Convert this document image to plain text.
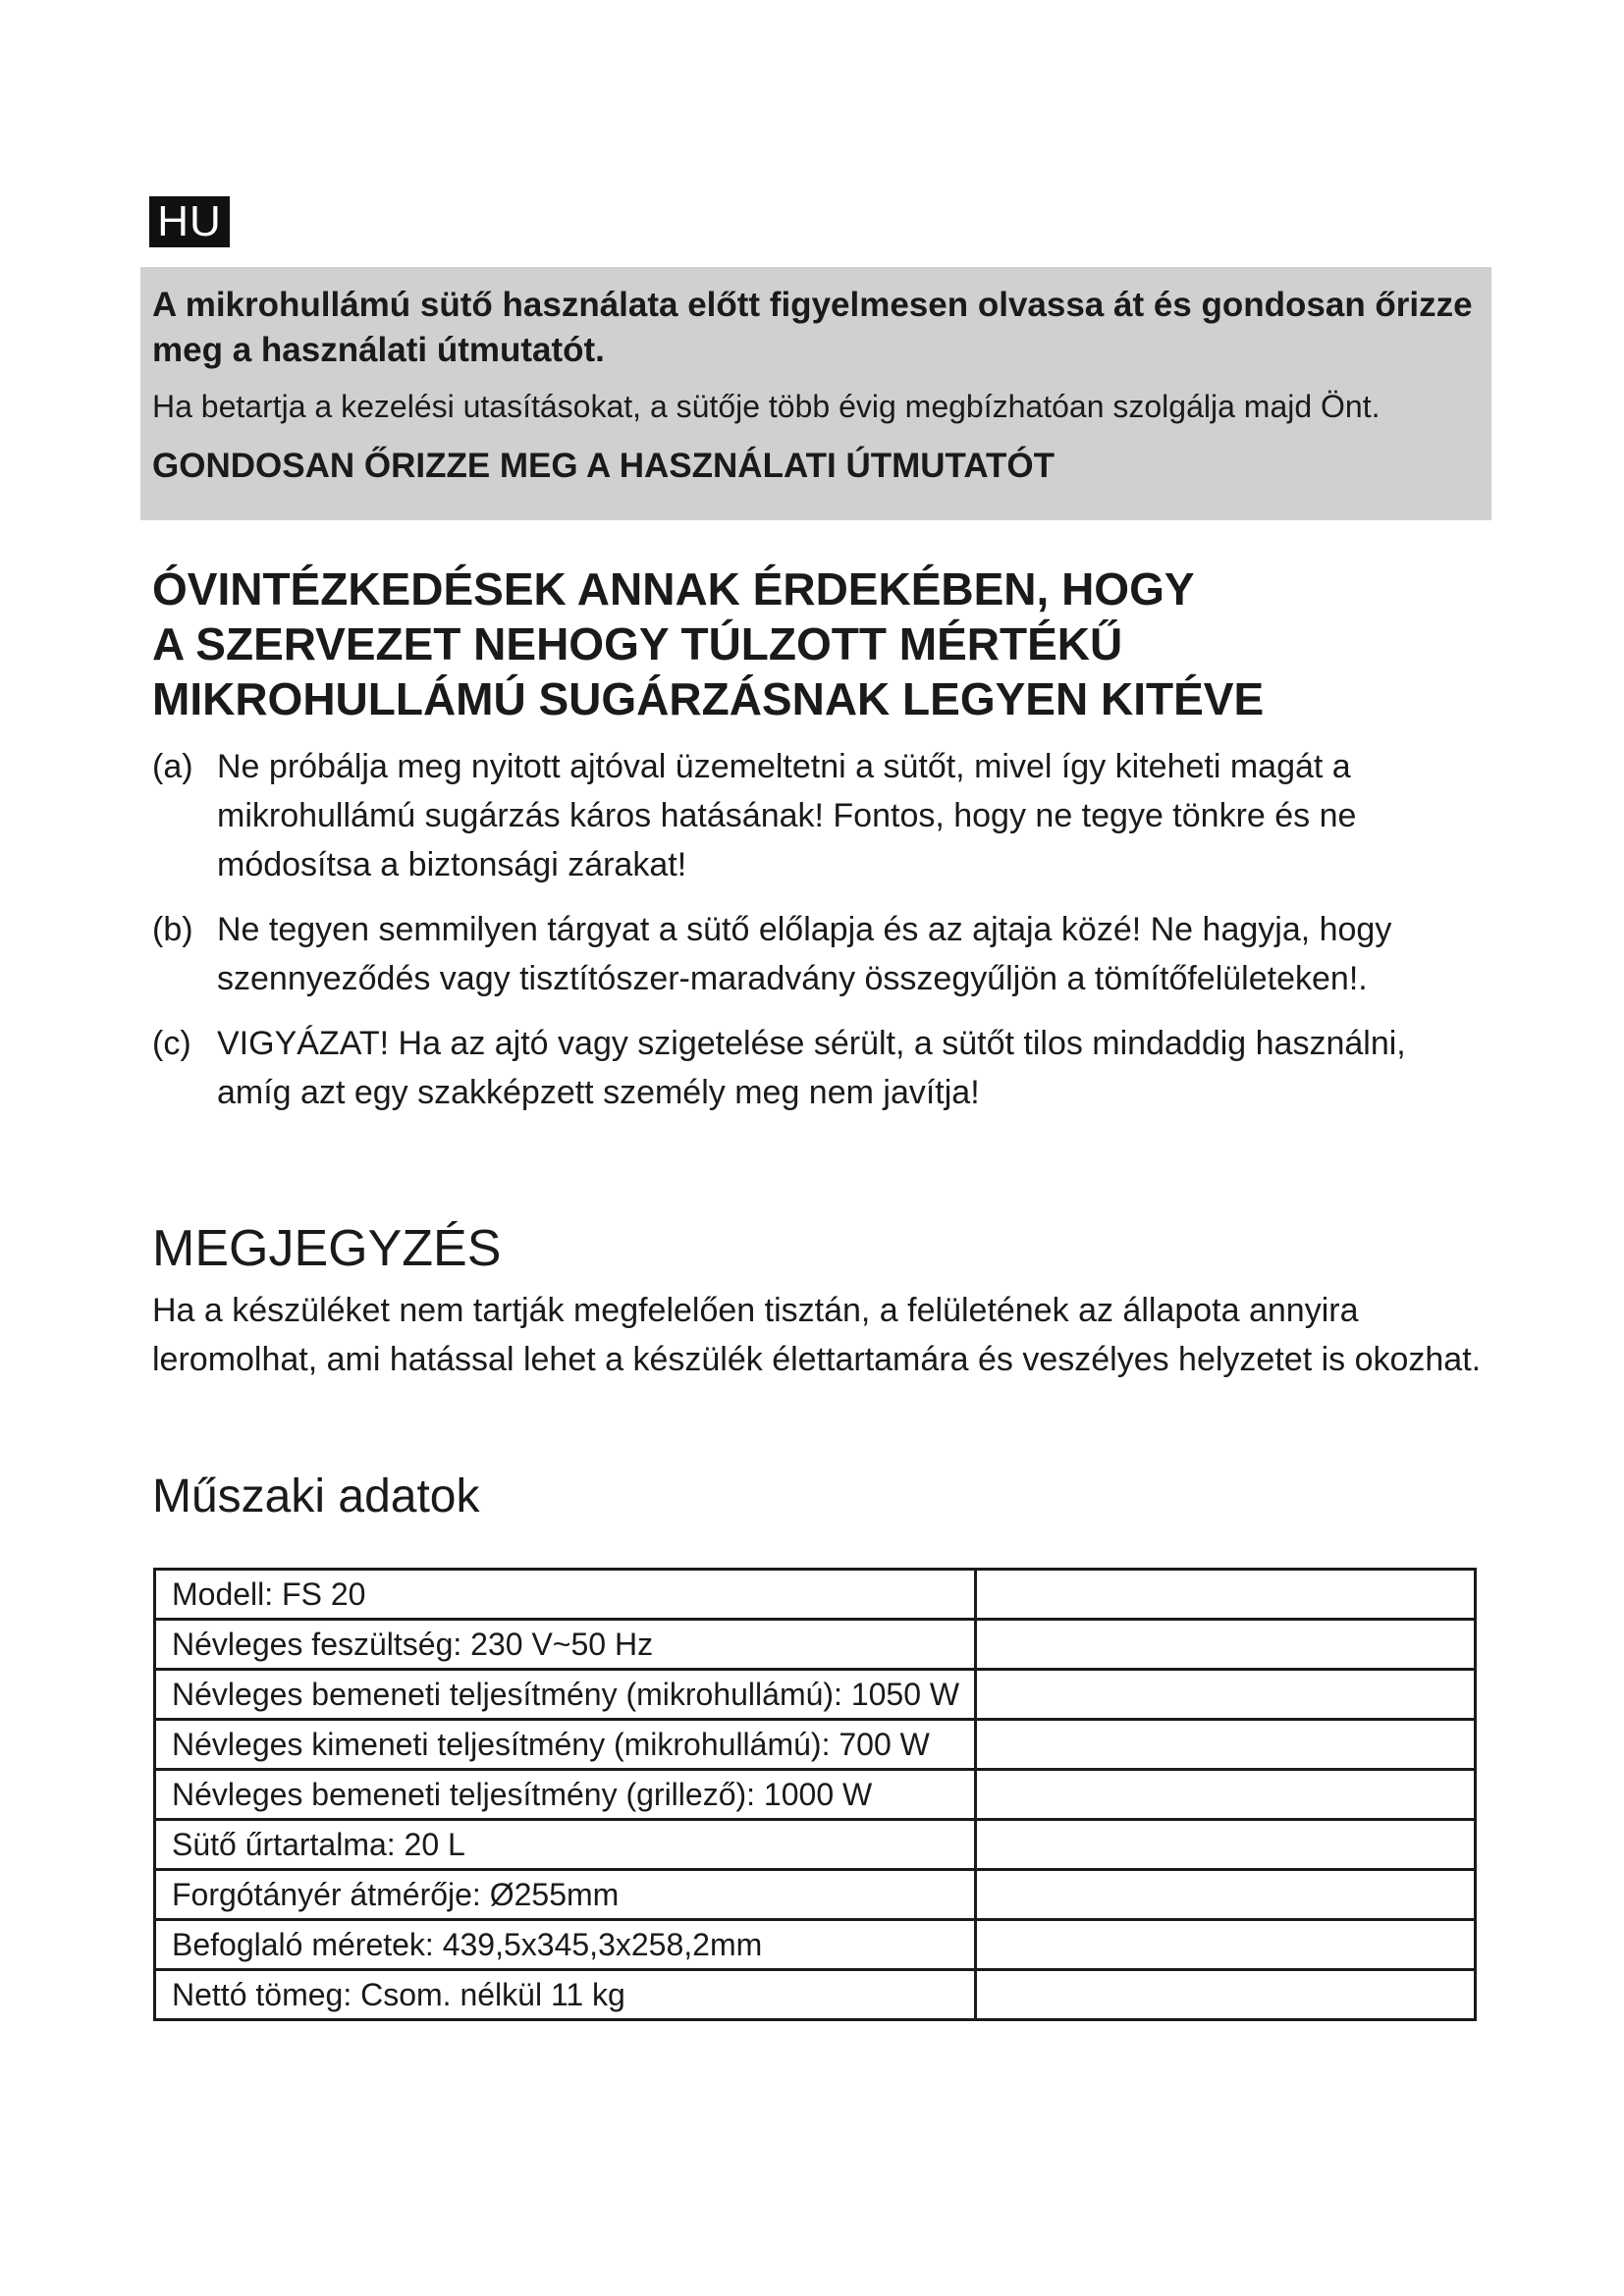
HU

A mikrohullámú sütő használata előtt figyelmesen olvassa át és gondosan őrizze meg a használati útmutatót.

Ha betartja a kezelési utasításokat, a sütője több évig megbízhatóan szolgálja majd Önt.

GONDOSAN ŐRIZZE MEG A HASZNÁLATI ÚTMUTATÓT

ÓVINTÉZKEDÉSEK ANNAK ÉRDEKÉBEN, HOGY
A SZERVEZET NEHOGY TÚLZOTT MÉRTÉKŰ
MIKROHULLÁMÚ SUGÁRZÁSNAK LEGYEN KITÉVE
(a) Ne próbálja meg nyitott ajtóval üzemeltetni a sütőt, mivel így kiteheti magát a mikrohullámú sugárzás káros hatásának! Fontos, hogy ne tegye tönkre és ne módosítsa a biztonsági zárakat!
(b) Ne tegyen semmilyen tárgyat a sütő előlapja és az ajtaja közé! Ne hagyja, hogy szennyeződés vagy tisztítószer-maradvány összegyűljön a tömítőfelületeken!.
(c) VIGYÁZAT! Ha az ajtó vagy szigetelése sérült, a sütőt tilos mindaddig használni, amíg azt egy szakképzett személy meg nem javítja!
MEGJEGYZÉS

Ha a készüléket nem tartják megfelelően tisztán, a felületének az állapota annyira leromolhat, ami hatással lehet a készülék élettartamára és veszélyes helyzetet is okozhat.

Műszaki adatok
Modell: FS 20	
Névleges feszültség: 230 V~50 Hz	
Névleges bemeneti teljesítmény (mikrohullámú): 1050 W	
Névleges kimeneti teljesítmény (mikrohullámú): 700 W	
Névleges bemeneti teljesítmény (grillező): 1000 W	
Sütő űrtartalma: 20 L	
Forgótányér átmérője: Ø255mm	
Befoglaló méretek: 439,5x345,3x258,2mm	
Nettó tömeg: Csom. nélkül 11 kg	
